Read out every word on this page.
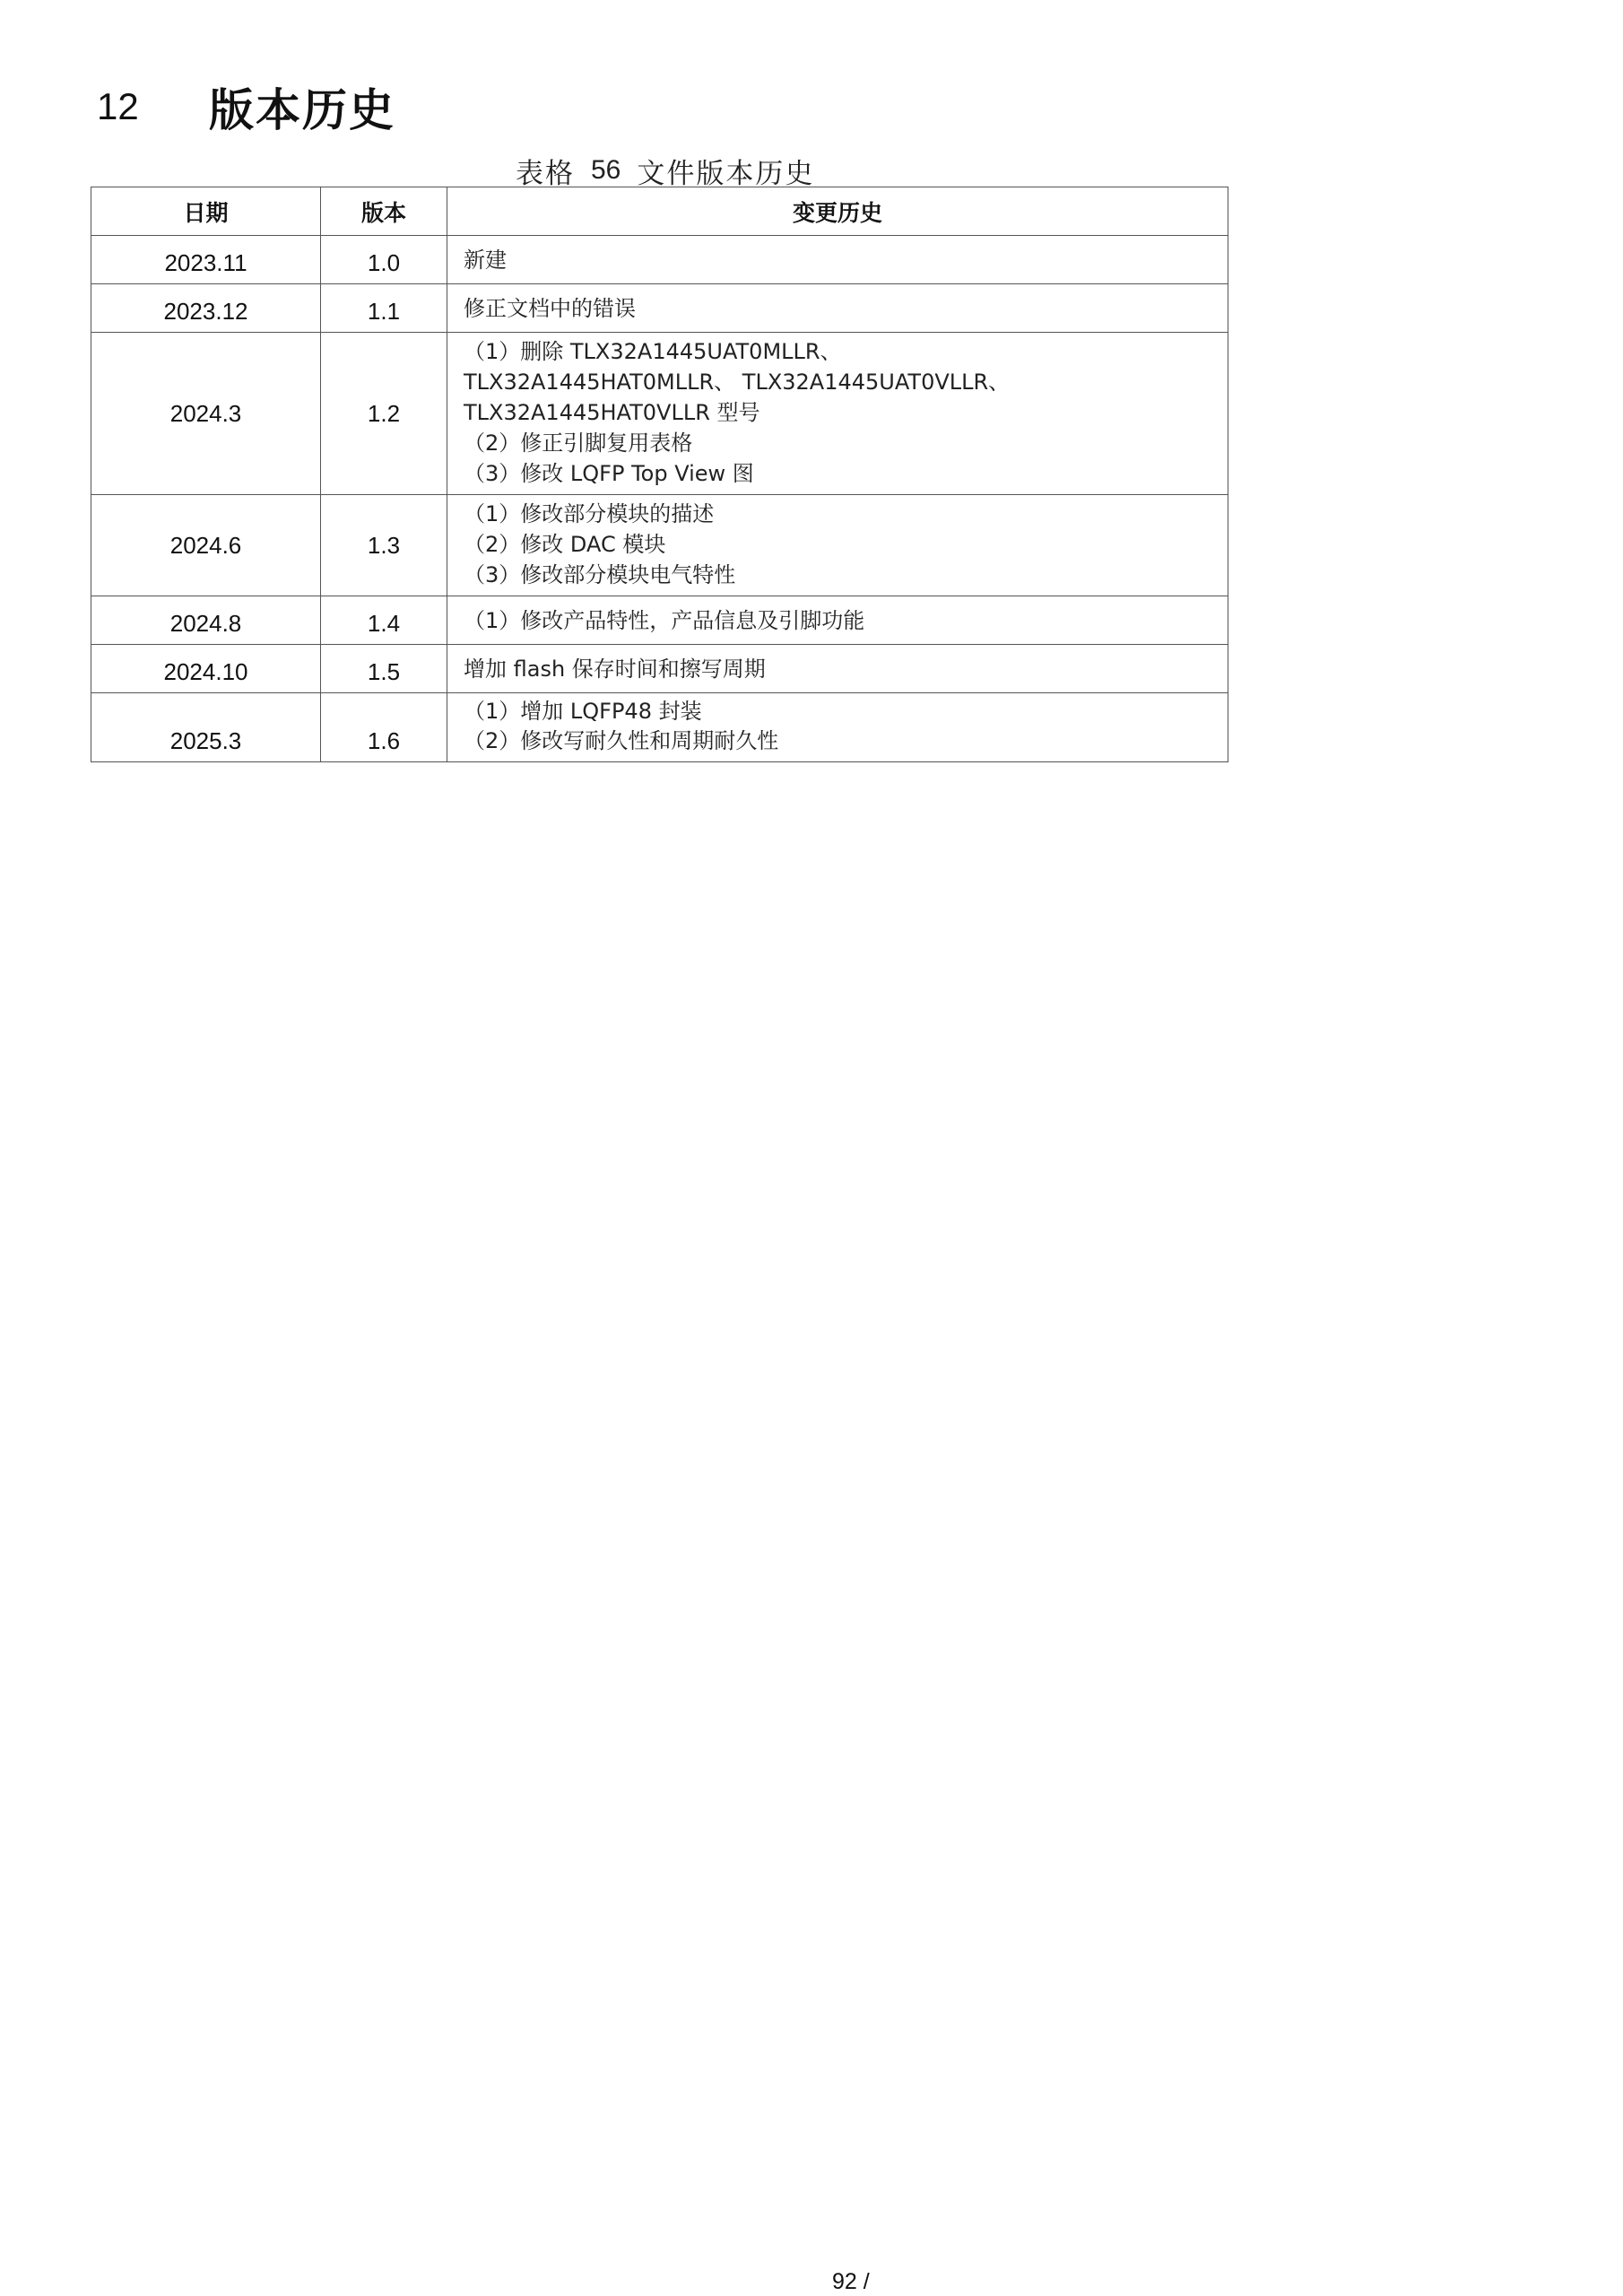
12	版本历史
表格 56 文件版本历史
日期	版本	变更历史
2023.11	1.0	新建

2023.12	1.1	修正文档中的错误

2024.3	1.2	（1）删除 TLX32A1445UAT0MLLR、
TLX32A1445HAT0MLLR、 TLX32A1445UAT0VLLR、
TLX32A1445HAT0VLLR 型号
（2）修正引脚复用表格
（3）修改 LQFP Top View 图

2024.6	1.3	（1）修改部分模块的描述
（2）修改 DAC 模块
（3）修改部分模块电气特性

2024.8	1.4	（1）修改产品特性，产品信息及引脚功能

2024.10	1.5	增加 flash 保存时间和擦写周期

2025.3	1.6	（1）增加 LQFP48 封装
（2）修改写耐久性和周期耐久性
92 /
